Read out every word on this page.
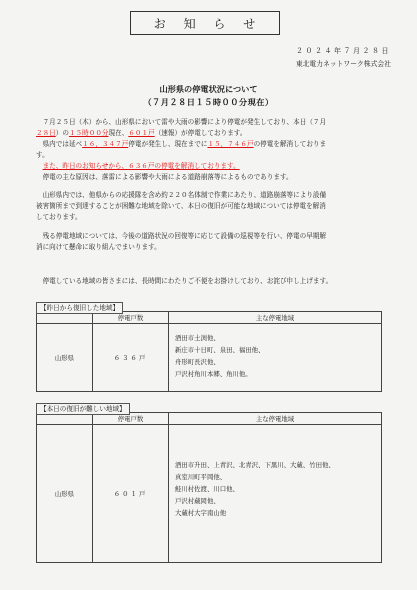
お 知 ら せ
２０２４年７月２８日
東北電力ネットワーク株式会社
山形県の停電状況について
（７月２８日１５時００分現在）
　７月２５日（木）から、山形県において雷や大雨の影響により停電が発生しており、本日（７月
２８日）の１５時００分現在、６０１戸（速報）が停電しております。
　県内では延べ１６，３４７戸停電が発生し、現在までに１５，７４６戸の停電を解消しておりま
す。
　また、昨日のお知らせから、６３６戸の停電を解消しております。
　停電の主な原因は、落雷による影響や大雨による道路崩落等によるものであります。
　山形県内では、他県からの応援隊を含め約２２０名体制で作業にあたり、道路崩落等により設備
被害箇所まで到達することが困難な地域を除いて、本日の復旧が可能な地域については停電を解消
しております。
　残る停電地域については、今後の道路状況の回復等に応じて設備の巡視等を行い、停電の早期解
消に向けて懸命に取り組んでまいります。
　停電している地域の皆さまには、長時間にわたりご不便をお掛けしており、お詫び申し上げます。
【昨日から復旧した地域】
	停電戸数	主な停電地域
山形県	６３６戸	酒田市土渕他、
新庄市十日町、泉田、福田他、
舟形町長沢他、
戸沢村角川本郷、角川他。
【本日の復旧が難しい地域】
	停電戸数	主な停電地域
山形県	６０１戸	酒田市升田、上青沢、北青沢、下黒川、大蔵、竹田他、
真室川町平岡他、
鮭川村佐渡、川口他、
戸沢村蔵岡他、
大蔵村大字南山他
